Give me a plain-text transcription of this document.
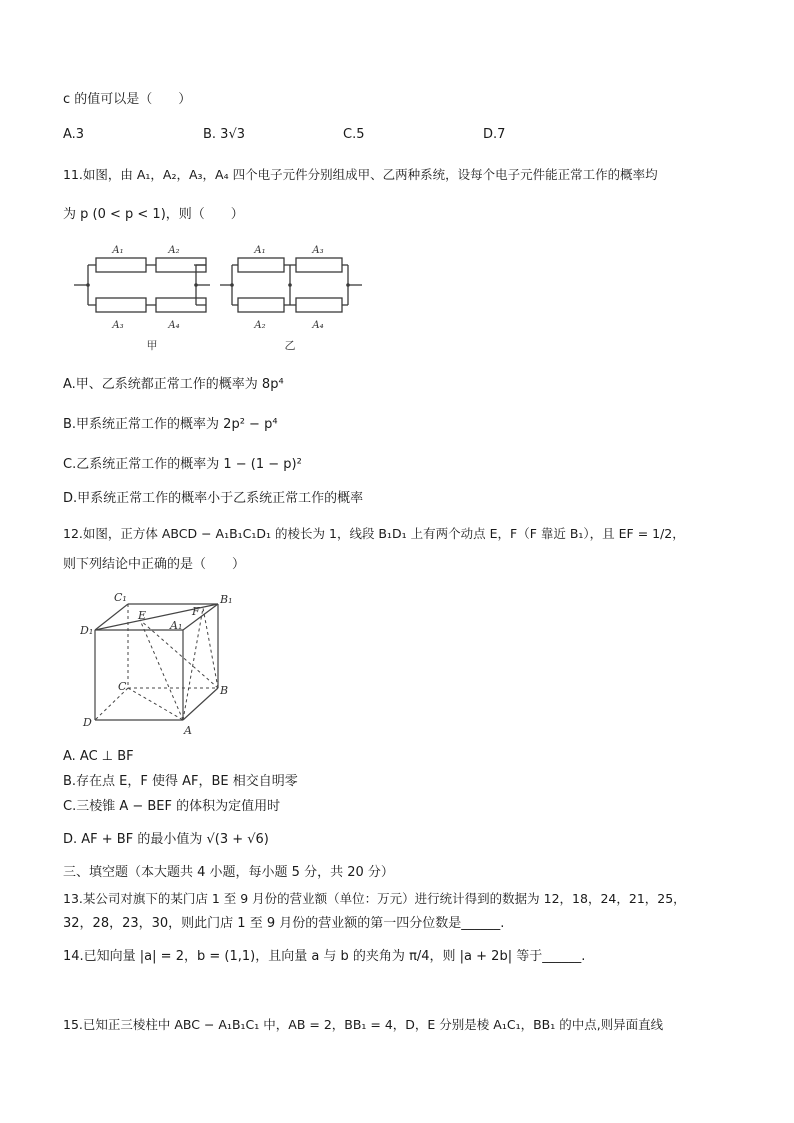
c 的值可以是（　　）
A.3	B. 3√3	C.5	D.7
11.如图，由 A₁，A₂，A₃，A₄ 四个电子元件分别组成甲、乙两种系统，设每个电子元件能正常工作的概率均
为 p (0 < p < 1)，则（　　）
A₁	A₂
A₃	A₄
A₁	A₃
A₂	A₄
甲	乙
A.甲、乙系统都正常工作的概率为 8p⁴
B.甲系统正常工作的概率为 2p² − p⁴
C.乙系统正常工作的概率为 1 − (1 − p)²
D.甲系统正常工作的概率小于乙系统正常工作的概率
12.如图，正方体 ABCD − A₁B₁C₁D₁ 的棱长为 1，线段 B₁D₁ 上有两个动点 E，F（F 靠近 B₁），且 EF = 1/2，
则下列结论中正确的是（　　）
C₁	B₁
E	F
A₁
D₁
C	B
D
A
A. AC ⊥ BF
B.存在点 E，F 使得 AF，BE 相交自明零
C.三棱锥 A − BEF 的体积为定值用时
D. AF + BF 的最小值为 √(3 + √6)
三、填空题（本大题共 4 小题，每小题 5 分，共 20 分）
13.某公司对旗下的某门店 1 至 9 月份的营业额（单位：万元）进行统计得到的数据为 12，18，24，21，25，
32，28，23，30，则此门店 1 至 9 月份的营业额的第一四分位数是______.
14.已知向量 |a| = 2，b = (1,1)，且向量 a 与 b 的夹角为 π/4，则 |a + 2b| 等于______.
15.已知正三棱柱中 ABC − A₁B₁C₁ 中，AB = 2，BB₁ = 4，D，E 分别是棱 A₁C₁，BB₁ 的中点,则异面直线
